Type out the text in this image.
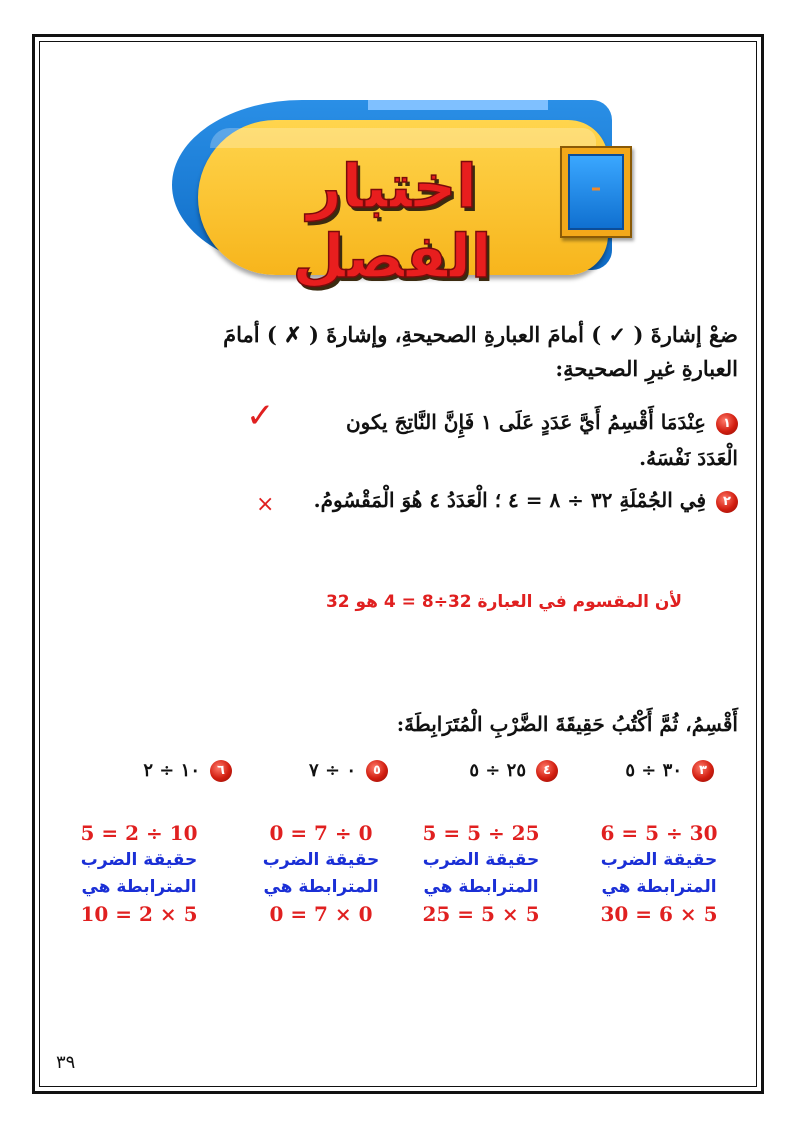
اختبار الفصل
ضعْ إشارةَ ( ✓ ) أمامَ العبارةِ الصحيحةِ، وإشارةَ ( ✗ ) أمامَ العبارةِ غيرِ الصحيحةِ:
١عِنْدَمَا أَقْسِمُ أَيَّ عَدَدٍ عَلَى ١ فَإِنَّ النَّاتِجَ يكون الْعَدَدَ نَفْسَهُ.
✓
٢فِي الجُمْلَةِ ٣٢ ÷ ٨ = ٤ ؛ الْعَدَدُ ٤ هُوَ الْمَقْسُومُ.
×
لأن المقسوم في العبارة 32÷8 = 4 هو 32
أَقْسِمُ، ثُمَّ أَكْتُبُ حَقِيقَةَ الضَّرْبِ الْمُتَرَابِطَةَ:
٣٣٠ ÷ ٥
٤٢٥ ÷ ٥
٥٠ ÷ ٧
٦١٠ ÷ ٢
6 = 5 ÷ 30
حقيقة الضرب
المترابطة هي
30 = 6 × 5
5 = 5 ÷ 25
حقيقة الضرب
المترابطة هي
25 = 5 × 5
0 = 7 ÷ 0
حقيقة الضرب
المترابطة هي
0 = 7 × 0
5 = 2 ÷ 10
حقيقة الضرب
المترابطة هي
10 = 2 × 5
٣٩
